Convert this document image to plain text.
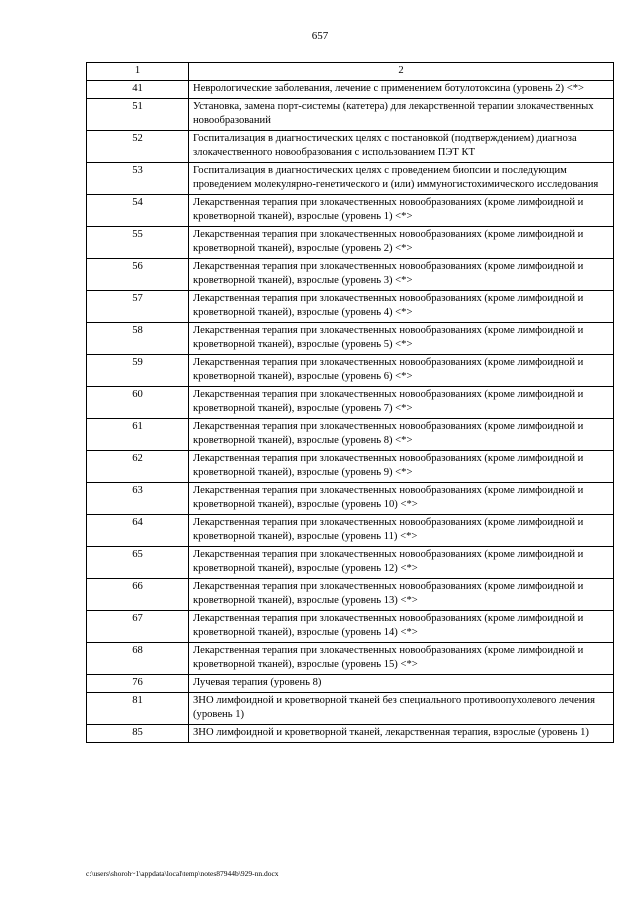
657
1	2
41	Неврологические заболевания, лечение с применением ботулотоксина (уровень 2) <*>
51	Установка, замена порт-системы (катетера) для лекарственной терапии злокачественных новообразований
52	Госпитализация в диагностических целях с постановкой (подтверждением) диагноза злокачественного новообразования с использованием ПЭТ КТ
53	Госпитализация в диагностических целях с проведением биопсии и последующим проведением молекулярно-генетического и (или) иммуногистохимического исследования
54	Лекарственная терапия при злокачественных новообразованиях (кроме лимфоидной и кроветворной тканей), взрослые (уровень 1) <*>
55	Лекарственная терапия при злокачественных новообразованиях (кроме лимфоидной и кроветворной тканей), взрослые (уровень 2) <*>
56	Лекарственная терапия при злокачественных новообразованиях (кроме лимфоидной и кроветворной тканей), взрослые (уровень 3) <*>
57	Лекарственная терапия при злокачественных новообразованиях (кроме лимфоидной и кроветворной тканей), взрослые (уровень 4) <*>
58	Лекарственная терапия при злокачественных новообразованиях (кроме лимфоидной и кроветворной тканей), взрослые (уровень 5) <*>
59	Лекарственная терапия при злокачественных новообразованиях (кроме лимфоидной и кроветворной тканей), взрослые (уровень 6) <*>
60	Лекарственная терапия при злокачественных новообразованиях (кроме лимфоидной и кроветворной тканей), взрослые (уровень 7) <*>
61	Лекарственная терапия при злокачественных новообразованиях (кроме лимфоидной и кроветворной тканей), взрослые (уровень 8) <*>
62	Лекарственная терапия при злокачественных новообразованиях (кроме лимфоидной и кроветворной тканей), взрослые (уровень 9) <*>
63	Лекарственная терапия при злокачественных новообразованиях (кроме лимфоидной и кроветворной тканей), взрослые (уровень 10) <*>
64	Лекарственная терапия при злокачественных новообразованиях (кроме лимфоидной и кроветворной тканей), взрослые (уровень 11) <*>
65	Лекарственная терапия при злокачественных новообразованиях (кроме лимфоидной и кроветворной тканей), взрослые (уровень 12) <*>
66	Лекарственная терапия при злокачественных новообразованиях (кроме лимфоидной и кроветворной тканей), взрослые (уровень 13) <*>
67	Лекарственная терапия при злокачественных новообразованиях (кроме лимфоидной и кроветворной тканей), взрослые (уровень 14) <*>
68	Лекарственная терапия при злокачественных новообразованиях (кроме лимфоидной и кроветворной тканей), взрослые (уровень 15) <*>
76	Лучевая терапия (уровень 8)
81	ЗНО лимфоидной и кроветворной тканей без специального противоопухолевого лечения (уровень 1)
85	ЗНО лимфоидной и кроветворной тканей, лекарственная терапия, взрослые (уровень 1)
c:\users\shoroh~1\appdata\local\temp\notes87944b\929-nn.docx
